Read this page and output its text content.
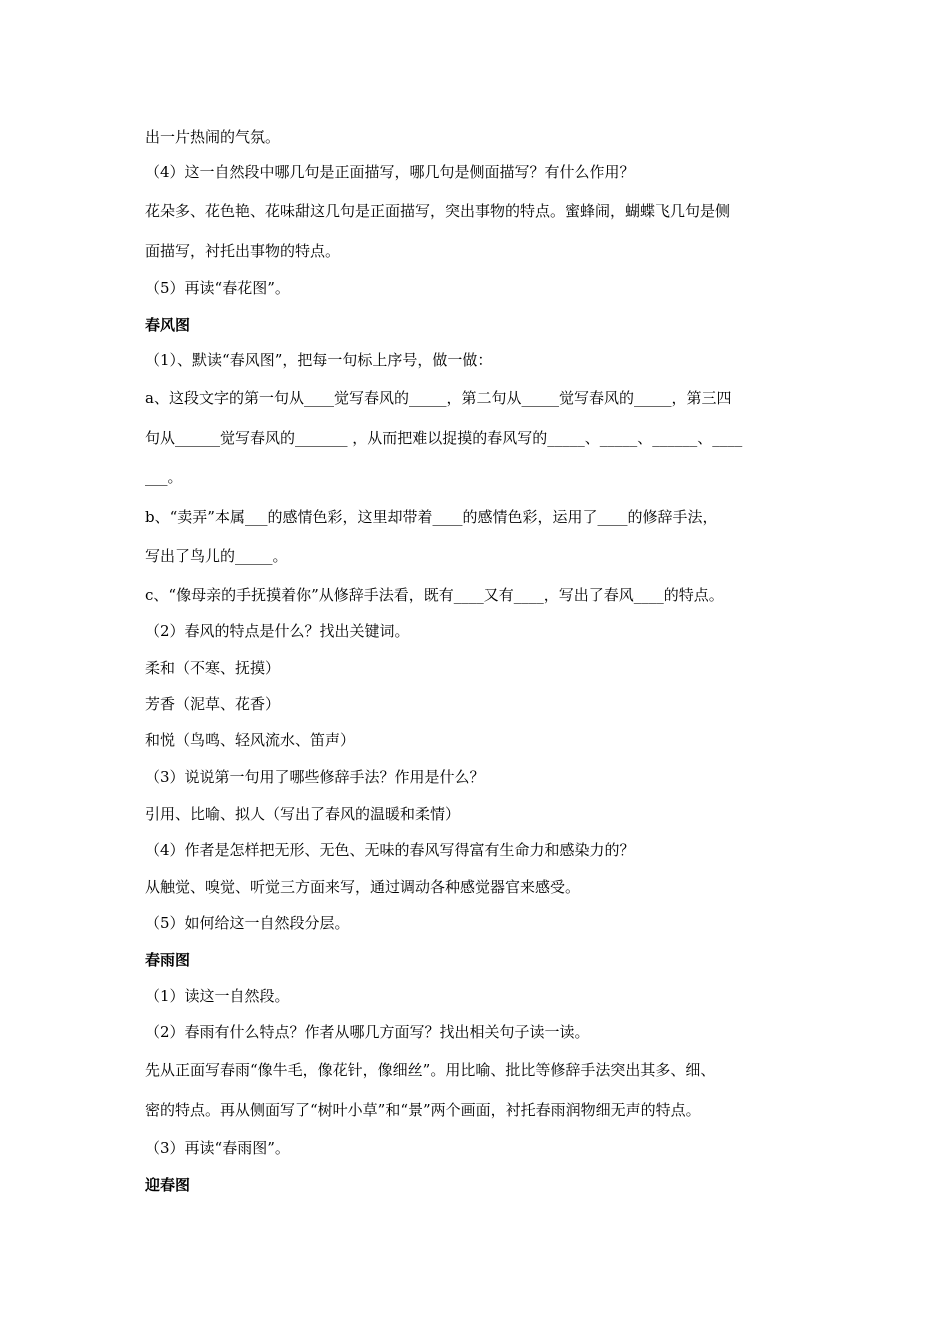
出一片热闹的气氛。
（4）这一自然段中哪几句是正面描写，哪几句是侧面描写？有什么作用？
花朵多、花色艳、花味甜这几句是正面描写，突出事物的特点。蜜蜂闹，蝴蝶飞几句是侧
面描写，衬托出事物的特点。
（5）再读“春花图”。
春风图
（1）、默读“春风图”，把每一句标上序号，做一做：
a、这段文字的第一句从____觉写春风的_____，第二句从_____觉写春风的_____，第三四
句从______觉写春风的_______ ，从而把难以捉摸的春风写的_____、_____、______、____
___。
b、“卖弄”本属___的感情色彩，这里却带着____的感情色彩，运用了____的修辞手法，
写出了鸟儿的_____。
c、“像母亲的手抚摸着你”从修辞手法看，既有____又有____，写出了春风____的特点。
（2）春风的特点是什么？找出关键词。
柔和（不寒、抚摸）
芳香（泥草、花香）
和悦（鸟鸣、轻风流水、笛声）
（3）说说第一句用了哪些修辞手法？作用是什么？
引用、比喻、拟人（写出了春风的温暖和柔情）
（4）作者是怎样把无形、无色、无味的春风写得富有生命力和感染力的？
从触觉、嗅觉、听觉三方面来写，通过调动各种感觉器官来感受。
（5）如何给这一自然段分层。
春雨图
（1）读这一自然段。
（2）春雨有什么特点？作者从哪几方面写？找出相关句子读一读。
先从正面写春雨“像牛毛，像花针，像细丝”。用比喻、批比等修辞手法突出其多、细、
密的特点。再从侧面写了“树叶小草”和“景”两个画面，衬托春雨润物细无声的特点。
（3）再读“春雨图”。
迎春图
